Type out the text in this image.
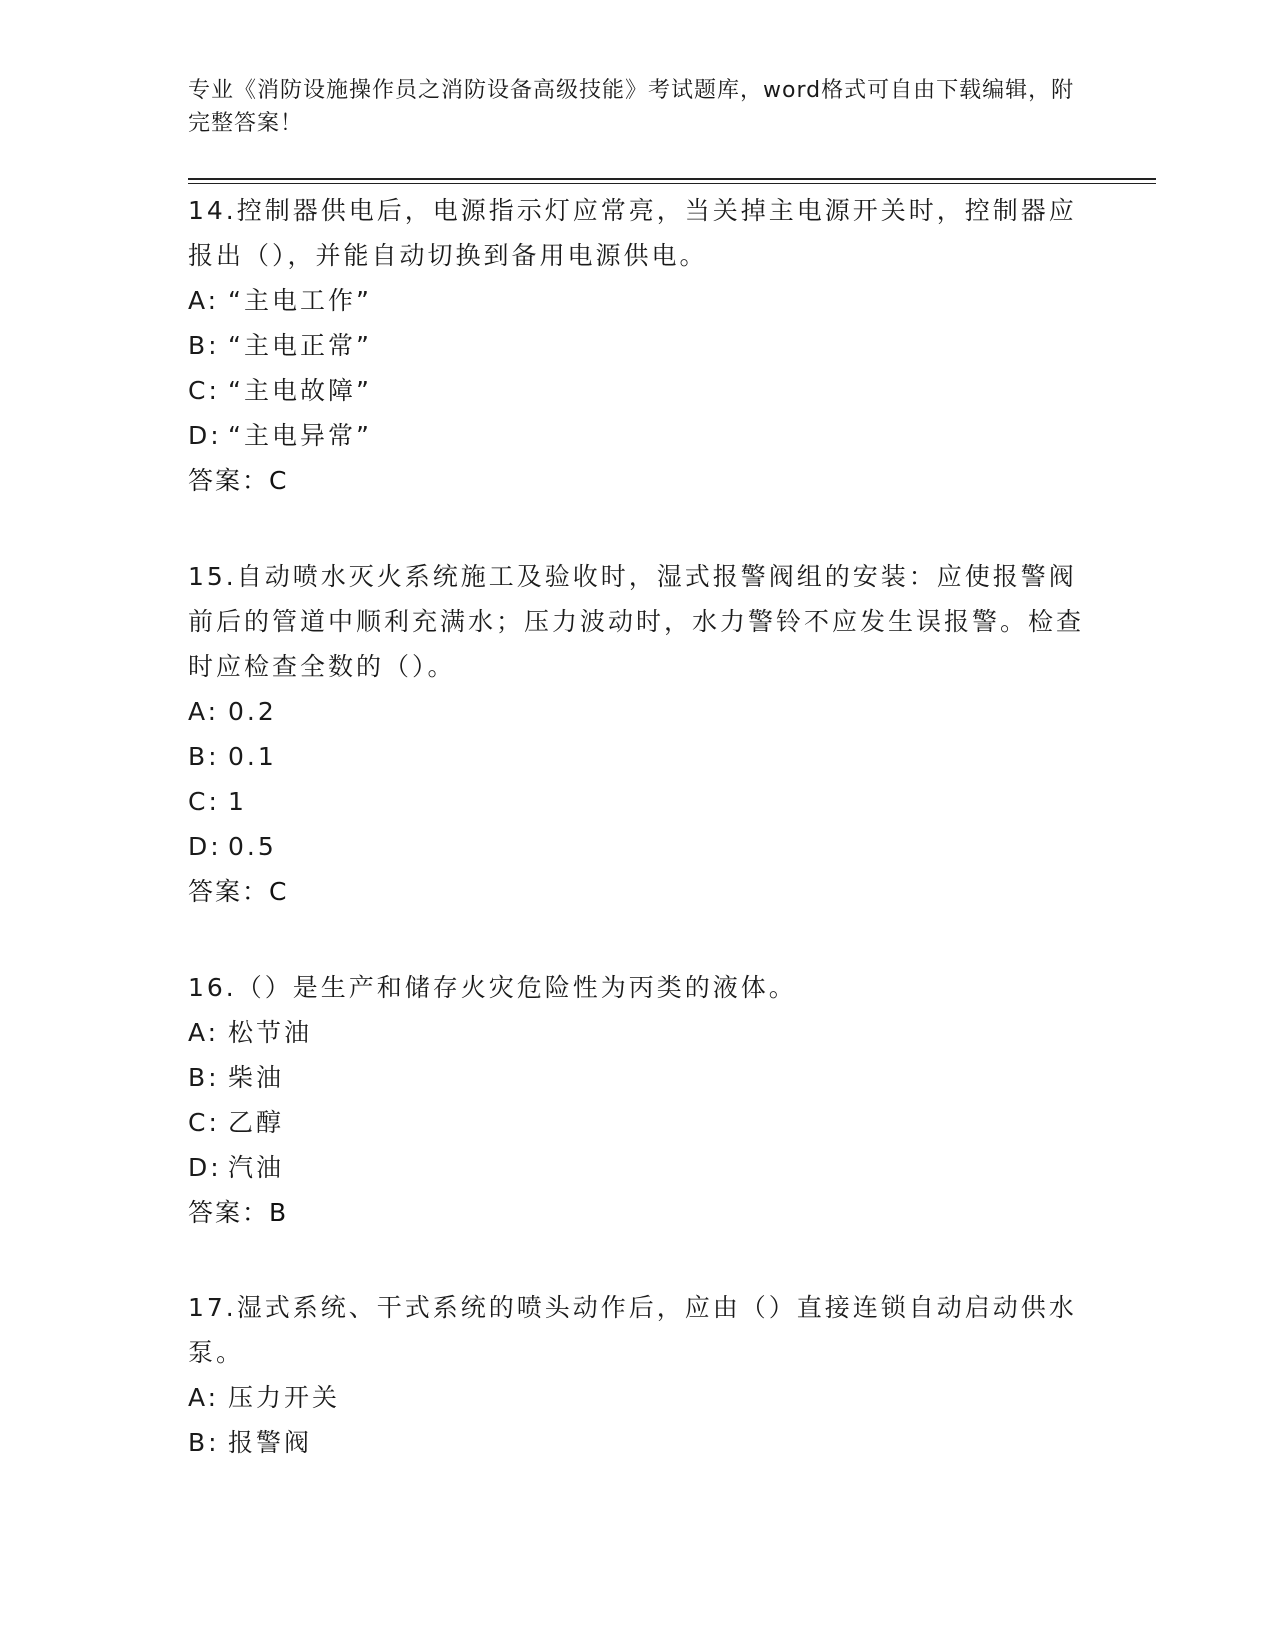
专业《消防设施操作员之消防设备高级技能》考试题库，word格式可自由下载编辑，附完整答案！
14.控制器供电后，电源指示灯应常亮，当关掉主电源开关时，控制器应报出（），并能自动切换到备用电源供电。
A: “主电工作”
B: “主电正常”
C: “主电故障”
D: “主电异常”
答案：C
15.自动喷水灭火系统施工及验收时，湿式报警阀组的安装：应使报警阀前后的管道中顺利充满水；压力波动时，水力警铃不应发生误报警。检查时应检查全数的（）。
A: 0.2
B: 0.1
C: 1
D: 0.5
答案：C
16.（）是生产和储存火灾危险性为丙类的液体。
A: 松节油
B: 柴油
C: 乙醇
D: 汽油
答案：B
17.湿式系统、干式系统的喷头动作后，应由（）直接连锁自动启动供水泵。
A: 压力开关
B: 报警阀
